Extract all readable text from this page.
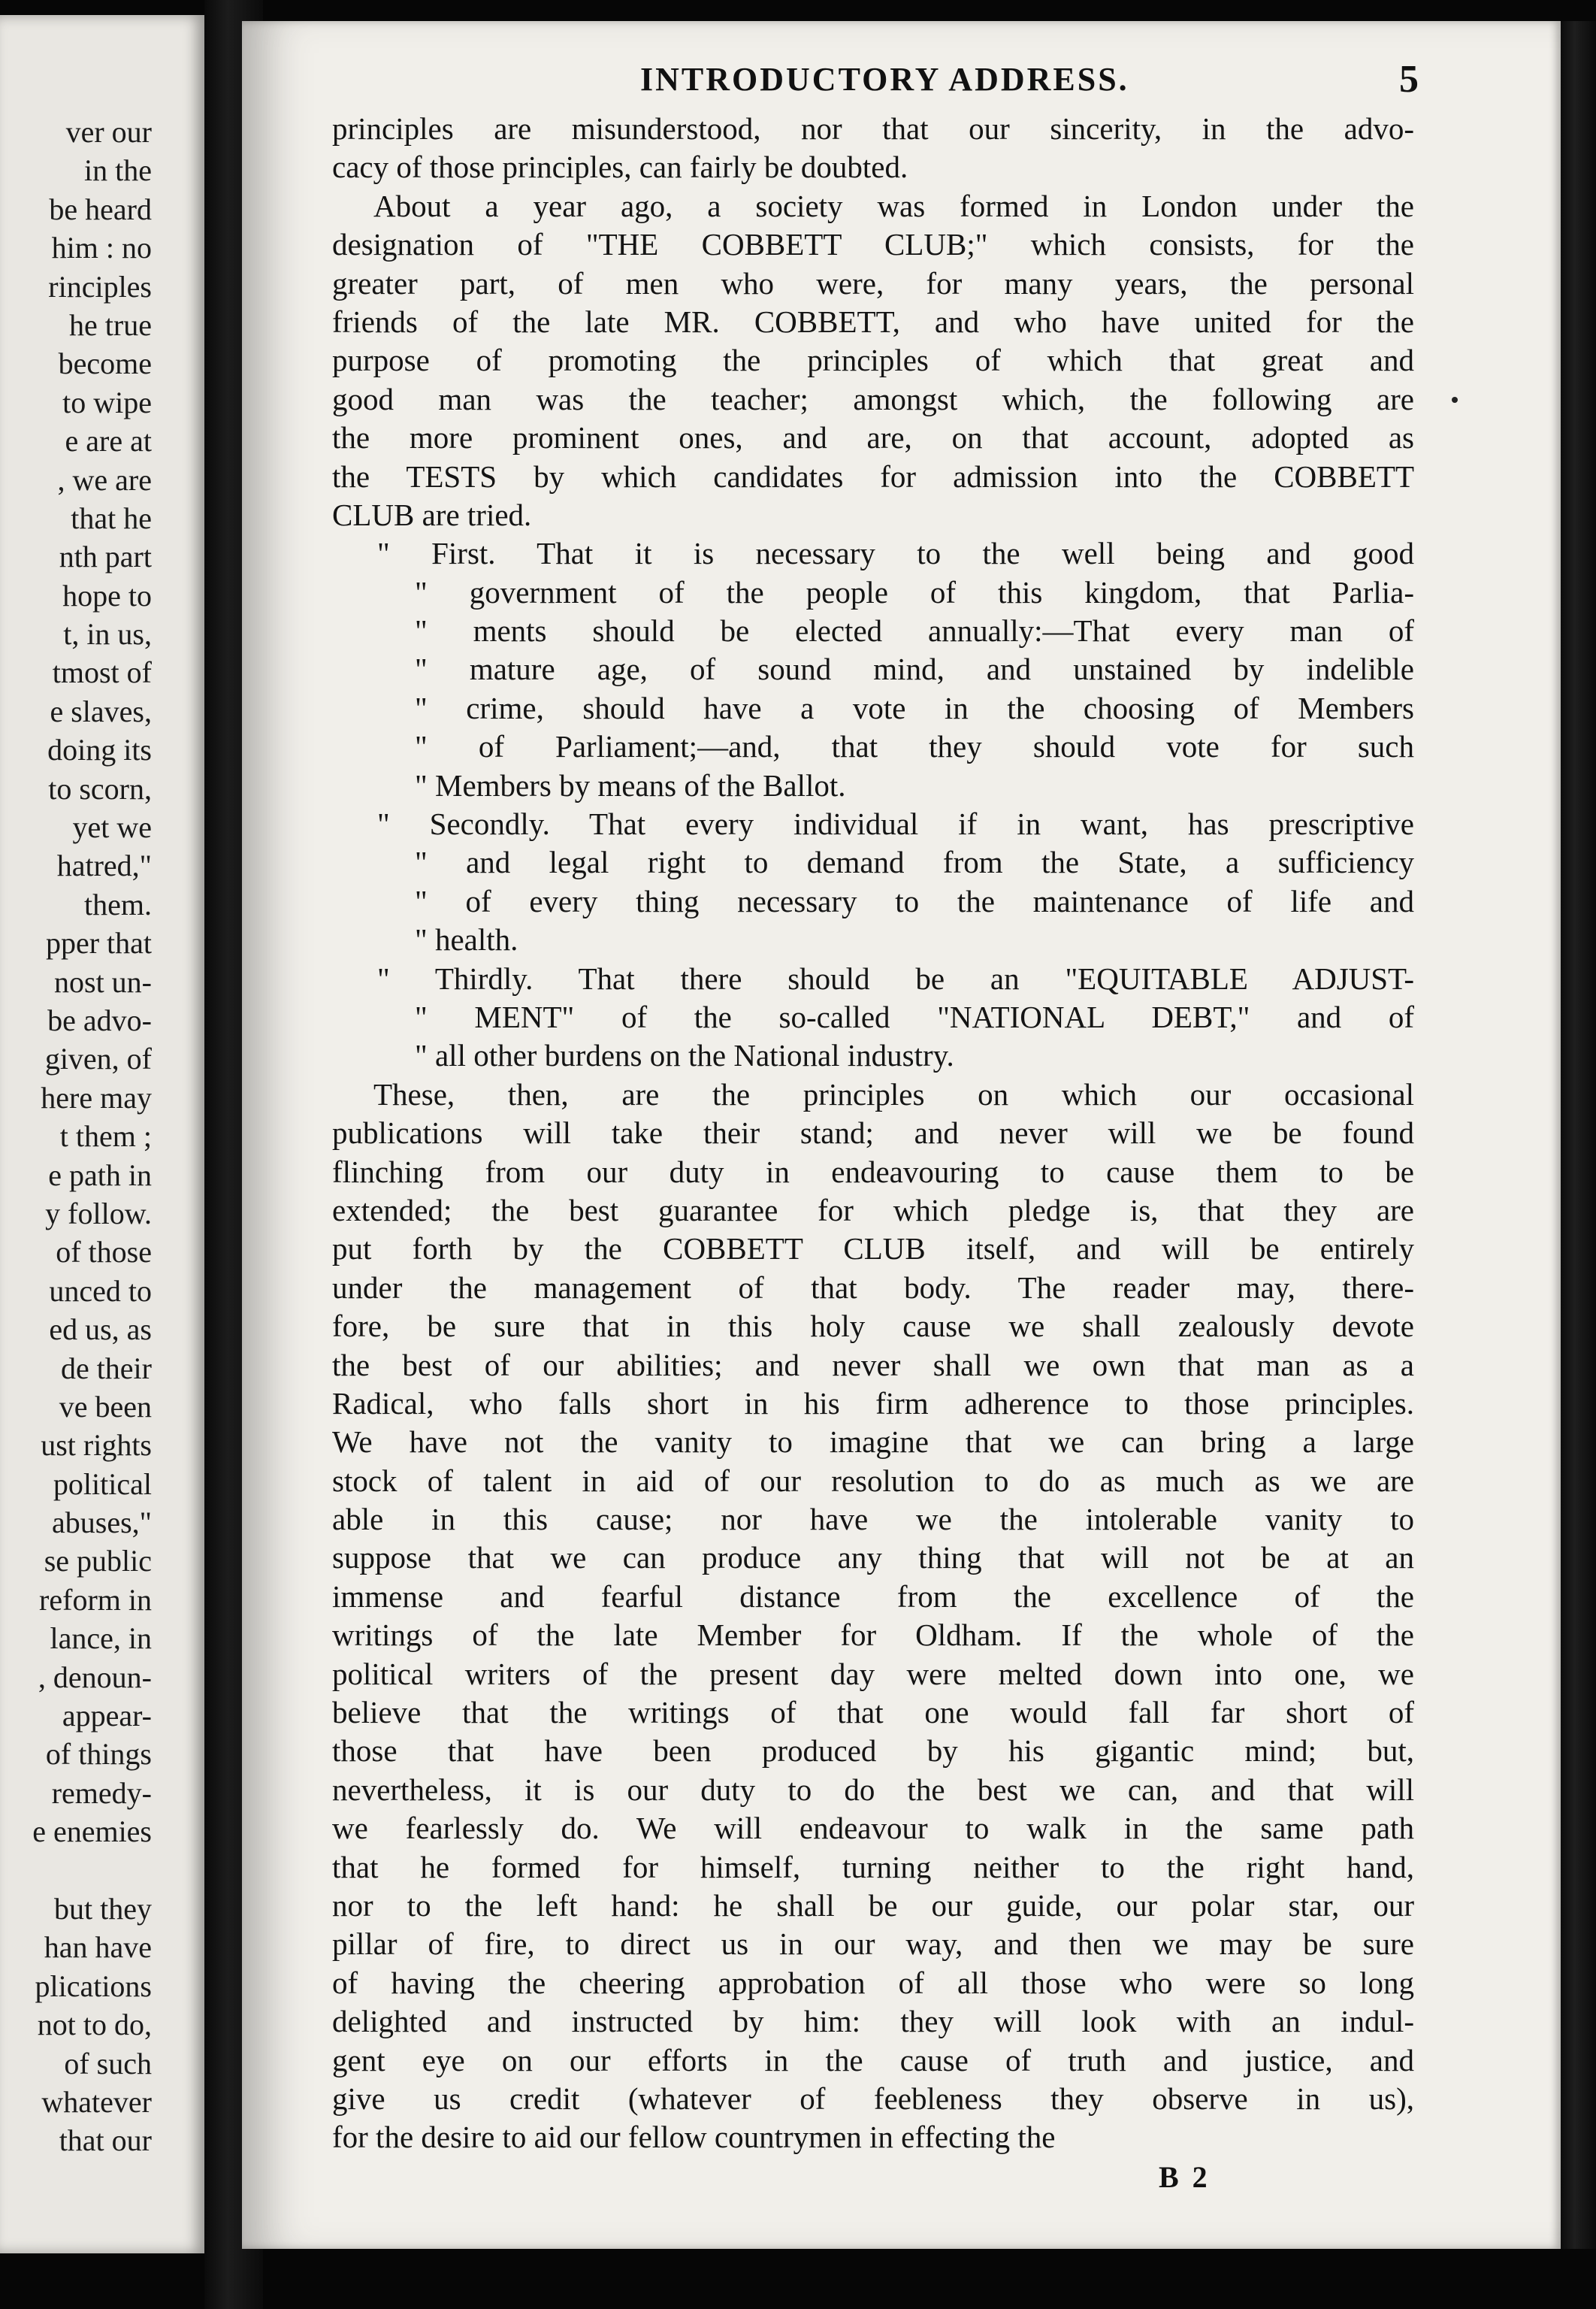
ver our
in the
be heard
him : no
rinciples
he true
become
to wipe
e are at
, we are
that he
nth part
hope to
t, in us,
tmost of
e slaves,
doing its
to scorn,
yet we
hatred,"
them.
pper that
nost un-
be advo-
given, of
here may
t them ;
e path in
y follow.
of those
unced to
ed us, as
de their
ve been
ust rights
political
abuses,"
se public
reform in
lance, in
, denoun-
appear-
of things
remedy-
e enemies
but they
han have
plications
not to do,
of such
whatever
that our
INTRODUCTORY ADDRESS.	5
principles are misunderstood, nor that our sincerity, in the advo-
cacy of those principles, can fairly be doubted.
About a year ago, a society was formed in London under the
designation of "THE COBBETT CLUB;" which consists, for the
greater part, of men who were, for many years, the personal
friends of the late MR. COBBETT, and who have united for the
purpose of promoting the principles of which that great and
good man was the teacher; amongst which, the following are
the more prominent ones, and are, on that account, adopted as
the TESTS by which candidates for admission into the COBBETT
CLUB are tried.
" First. That it is necessary to the well being and good
" government of the people of this kingdom, that Parlia-
" ments should be elected annually:—That every man of
" mature age, of sound mind, and unstained by indelible
" crime, should have a vote in the choosing of Members
" of Parliament;—and, that they should vote for such
" Members by means of the Ballot.
" Secondly. That every individual if in want, has prescriptive
" and legal right to demand from the State, a sufficiency
" of every thing necessary to the maintenance of life and
" health.
" Thirdly. That there should be an "EQUITABLE ADJUST-
" MENT" of the so-called "NATIONAL DEBT," and of
" all other burdens on the National industry.
These, then, are the principles on which our occasional
publications will take their stand; and never will we be found
flinching from our duty in endeavouring to cause them to be
extended; the best guarantee for which pledge is, that they are
put forth by the COBBETT CLUB itself, and will be entirely
under the management of that body. The reader may, there-
fore, be sure that in this holy cause we shall zealously devote
the best of our abilities; and never shall we own that man as a
Radical, who falls short in his firm adherence to those principles.
We have not the vanity to imagine that we can bring a large
stock of talent in aid of our resolution to do as much as we are
able in this cause; nor have we the intolerable vanity to
suppose that we can produce any thing that will not be at an
immense and fearful distance from the excellence of the
writings of the late Member for Oldham. If the whole of the
political writers of the present day were melted down into one, we
believe that the writings of that one would fall far short of
those that have been produced by his gigantic mind; but,
nevertheless, it is our duty to do the best we can, and that will
we fearlessly do. We will endeavour to walk in the same path
that he formed for himself, turning neither to the right hand,
nor to the left hand: he shall be our guide, our polar star, our
pillar of fire, to direct us in our way, and then we may be sure
of having the cheering approbation of all those who were so long
delighted and instructed by him: they will look with an indul-
gent eye on our efforts in the cause of truth and justice, and
give us credit (whatever of feebleness they observe in us),
for the desire to aid our fellow countrymen in effecting the
B 2
